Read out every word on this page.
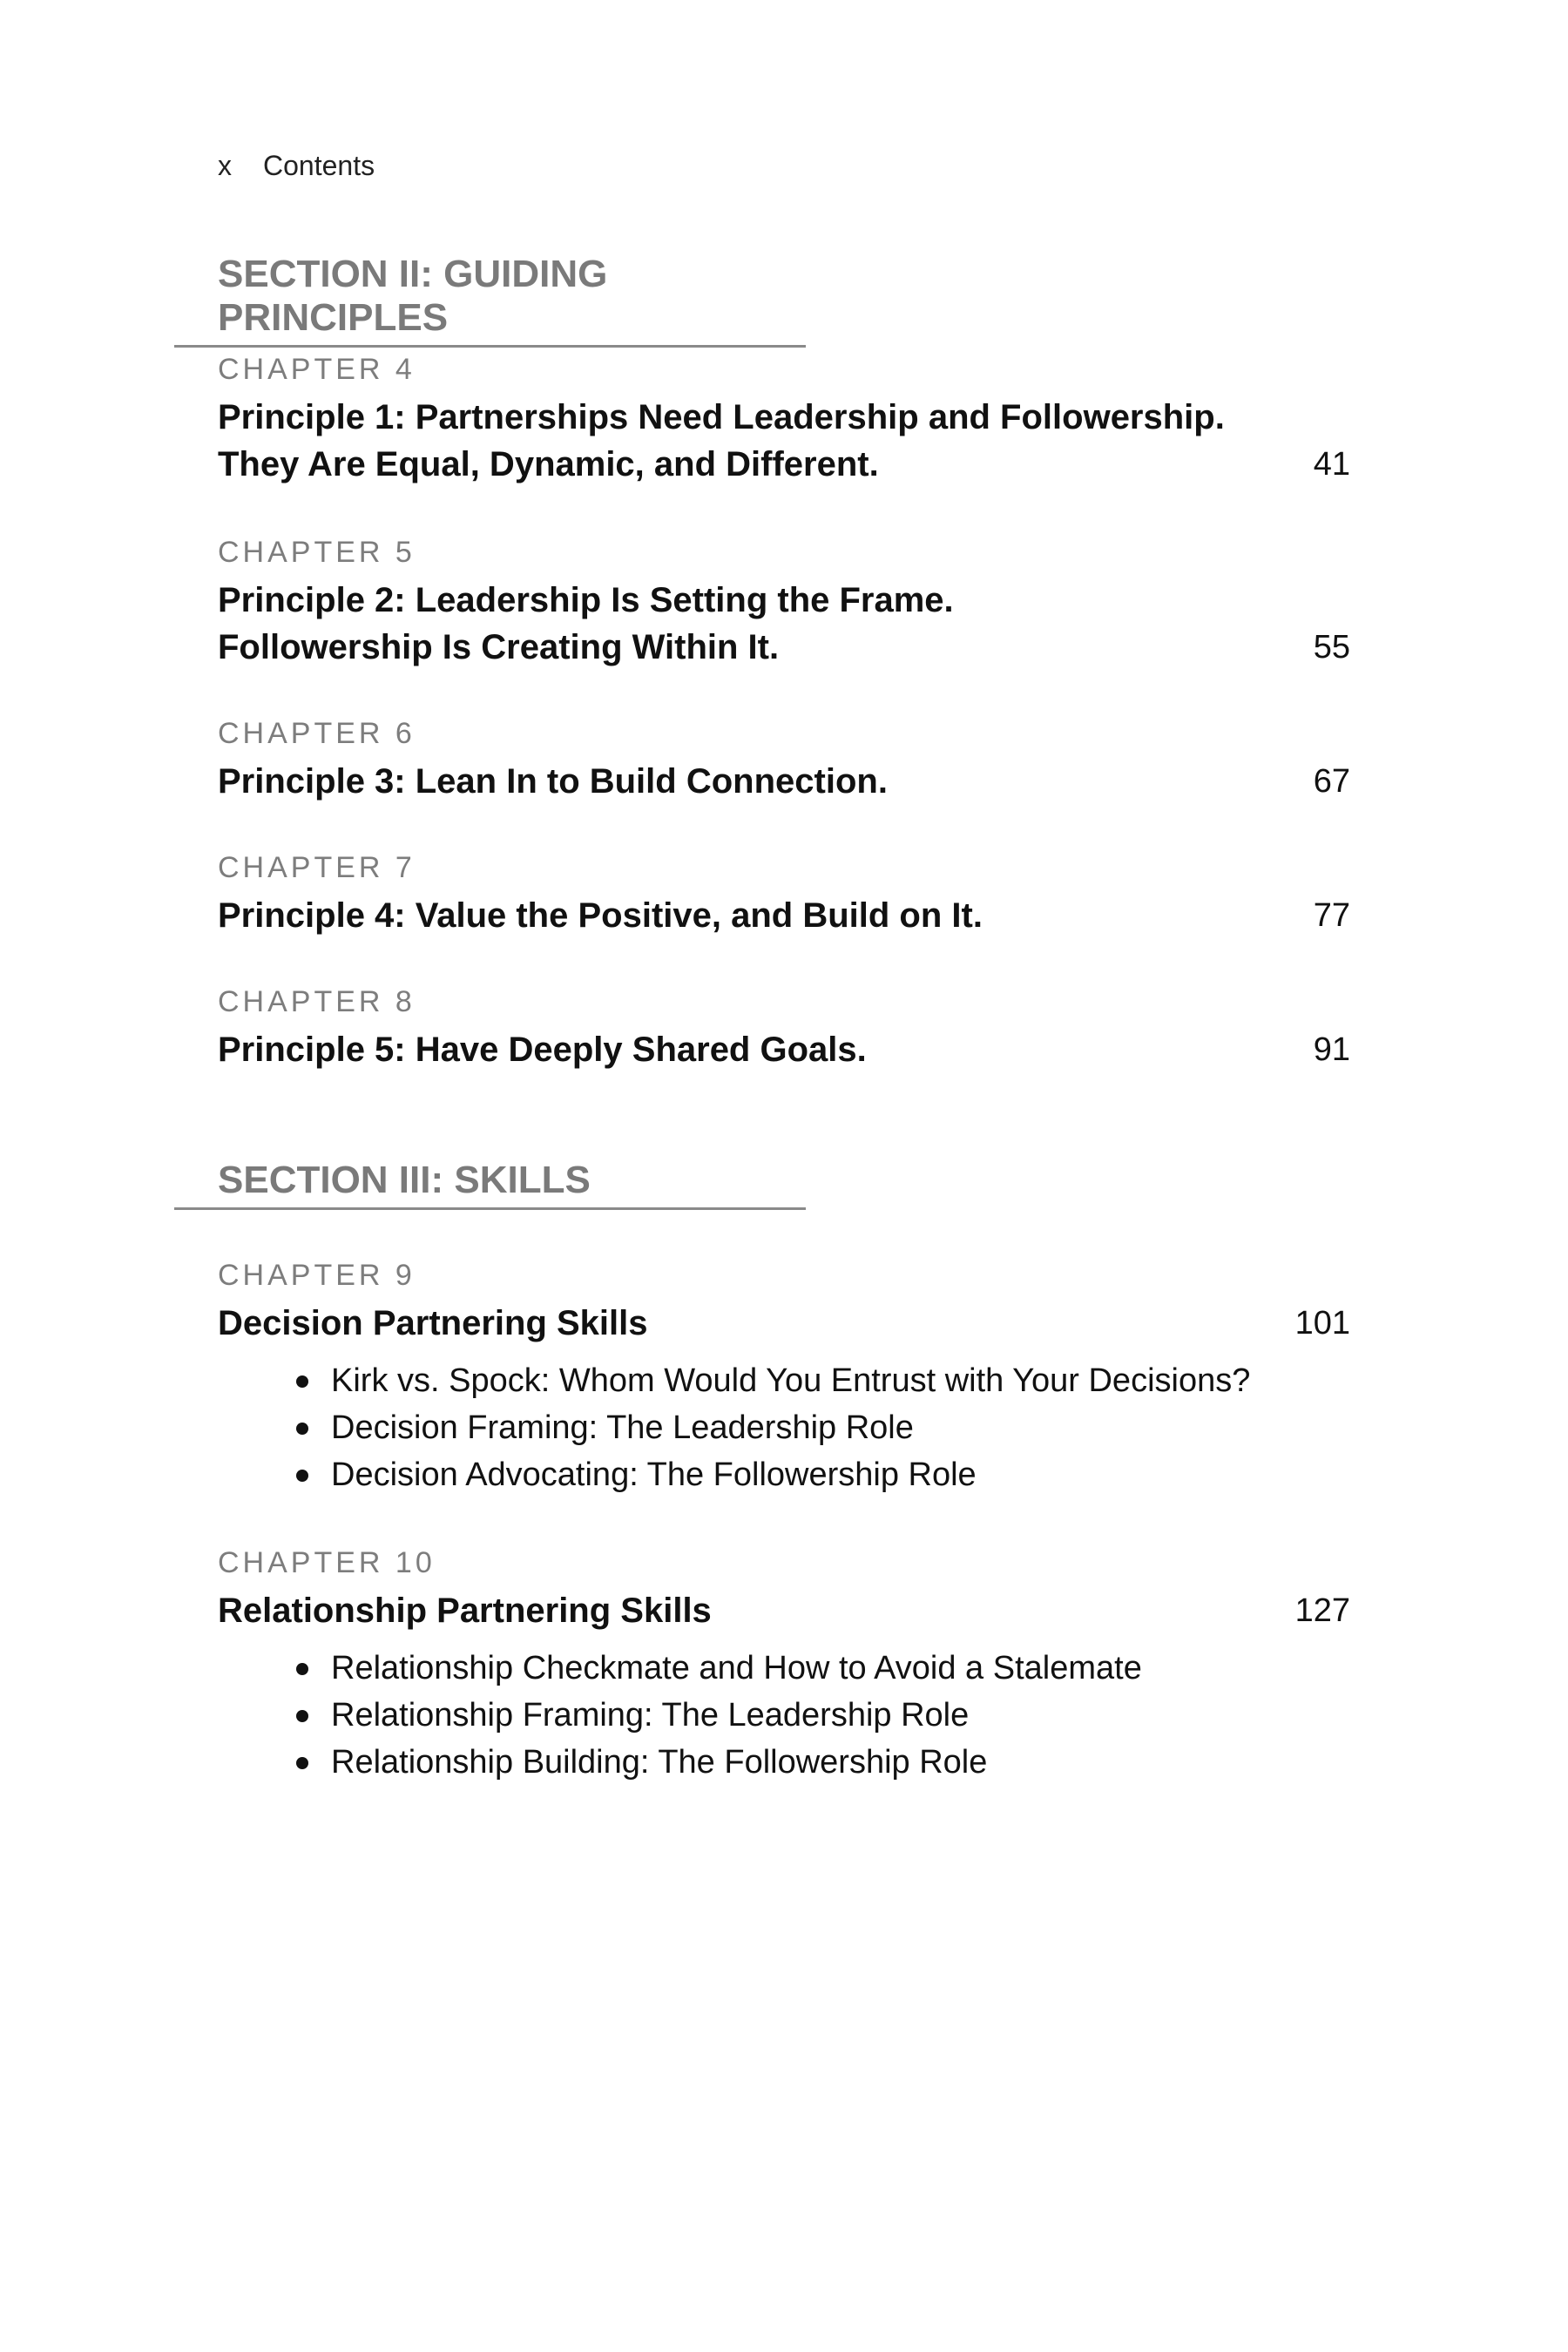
x Contents
SECTION II: GUIDING PRINCIPLES
CHAPTER 4
Principle 1: Partnerships Need Leadership and Followership.
They Are Equal, Dynamic, and Different.	41
CHAPTER 5
Principle 2: Leadership Is Setting the Frame.
Followership Is Creating Within It.	55
CHAPTER 6
Principle 3: Lean In to Build Connection.	67
CHAPTER 7
Principle 4: Value the Positive, and Build on It.	77
CHAPTER 8
Principle 5: Have Deeply Shared Goals.	91
SECTION III: SKILLS
CHAPTER 9
Decision Partnering Skills	101
Kirk vs. Spock: Whom Would You Entrust with Your Decisions?
Decision Framing: The Leadership Role
Decision Advocating: The Followership Role
CHAPTER 10
Relationship Partnering Skills	127
Relationship Checkmate and How to Avoid a Stalemate
Relationship Framing: The Leadership Role
Relationship Building: The Followership Role
